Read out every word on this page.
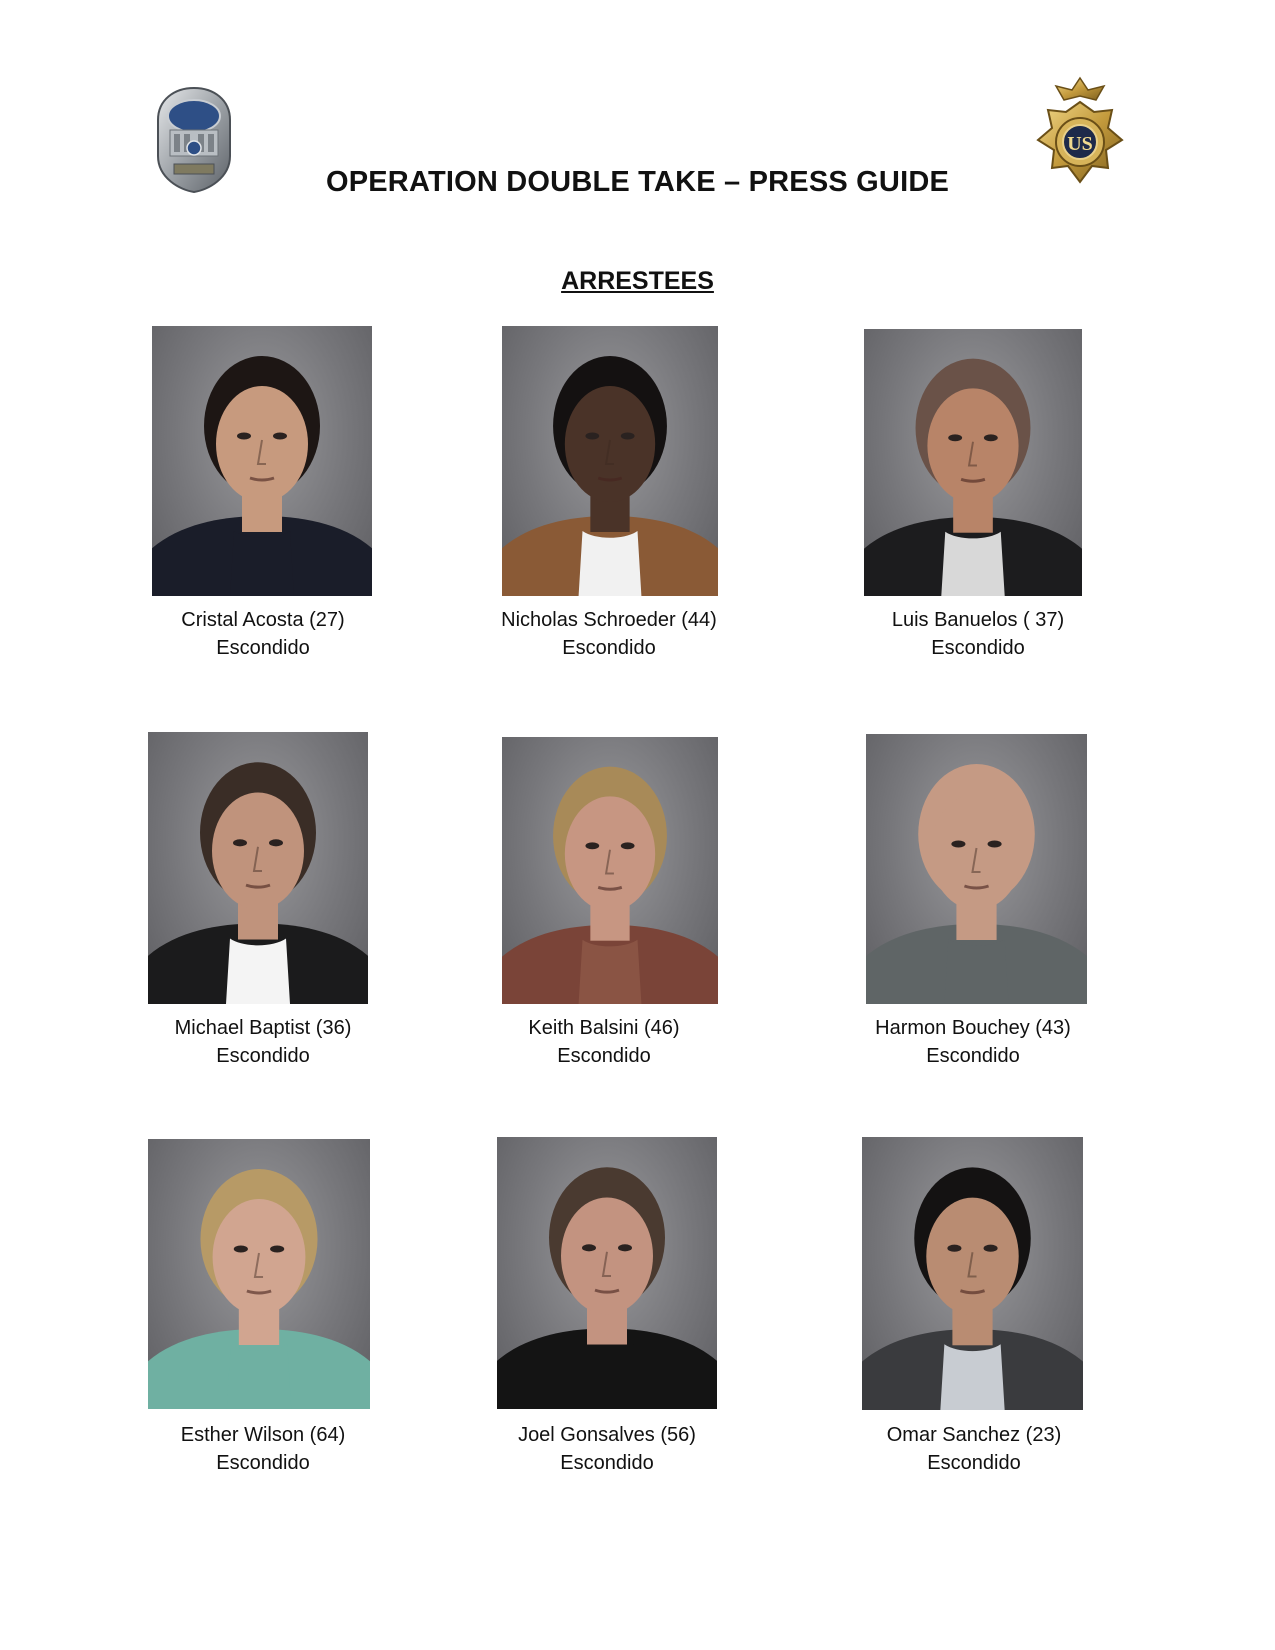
US
OPERATION DOUBLE TAKE – PRESS GUIDE
ARRESTEES
Cristal Acosta (27)
Escondido
Nicholas Schroeder (44)
Escondido
Luis Banuelos ( 37)
Escondido
Michael Baptist (36)
Escondido
Keith Balsini (46)
Escondido
Harmon Bouchey (43)
Escondido
Esther Wilson (64)
Escondido
Joel Gonsalves (56)
Escondido
Omar Sanchez (23)
Escondido
